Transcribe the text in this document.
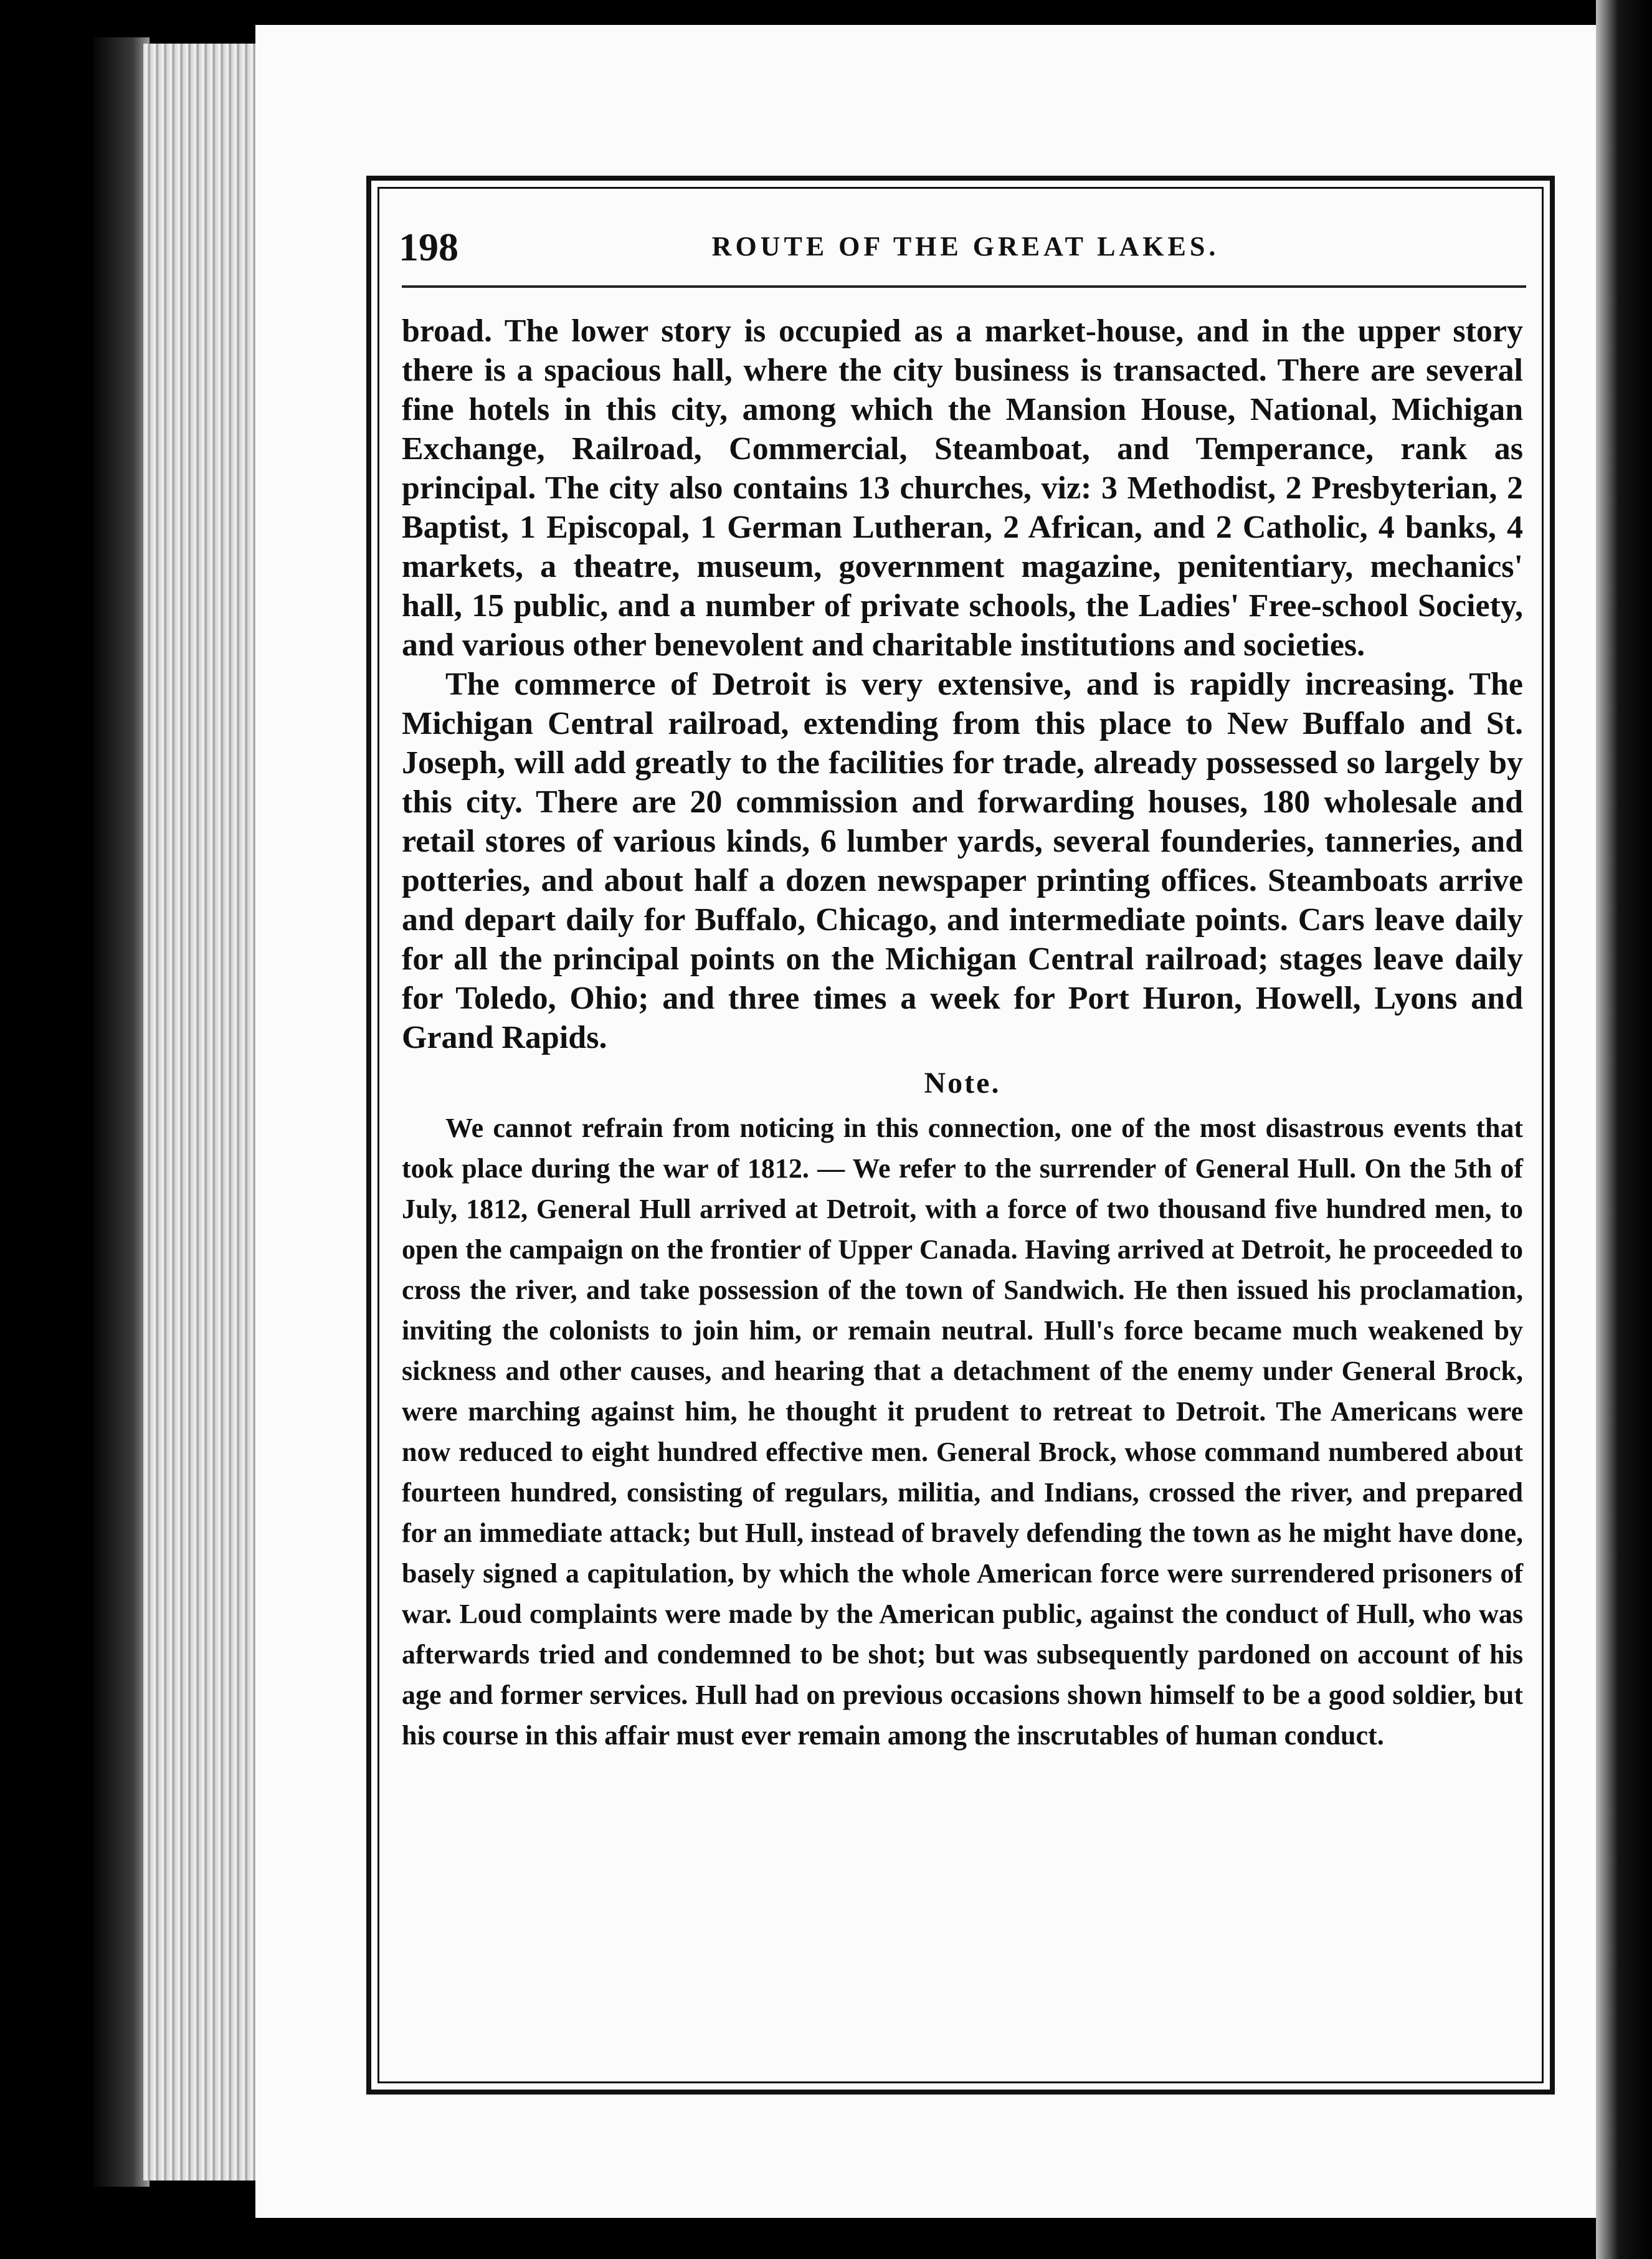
198	ROUTE OF THE GREAT LAKES.

broad. The lower story is occupied as a market-house, and in the upper story there is a spacious hall, where the city business is transacted. There are several fine hotels in this city, among which the Mansion House, National, Michigan Exchange, Railroad, Commercial, Steamboat, and Temperance, rank as principal. The city also contains 13 churches, viz: 3 Methodist, 2 Presbyterian, 2 Baptist, 1 Episcopal, 1 German Lutheran, 2 African, and 2 Catholic, 4 banks, 4 markets, a theatre, museum, government magazine, penitentiary, mechanics' hall, 15 public, and a number of private schools, the Ladies' Free-school Society, and various other benevolent and charitable institutions and societies.

The commerce of Detroit is very extensive, and is rapidly increasing. The Michigan Central railroad, extending from this place to New Buffalo and St. Joseph, will add greatly to the facilities for trade, already possessed so largely by this city. There are 20 commission and forwarding houses, 180 wholesale and retail stores of various kinds, 6 lumber yards, several founderies, tanneries, and potteries, and about half a dozen newspaper printing offices. Steamboats arrive and depart daily for Buffalo, Chicago, and intermediate points. Cars leave daily for all the principal points on the Michigan Central railroad; stages leave daily for Toledo, Ohio; and three times a week for Port Huron, Howell, Lyons and Grand Rapids.

Note.

We cannot refrain from noticing in this connection, one of the most disastrous events that took place during the war of 1812. — We refer to the surrender of General Hull. On the 5th of July, 1812, General Hull arrived at Detroit, with a force of two thousand five hundred men, to open the campaign on the frontier of Upper Canada. Having arrived at Detroit, he proceeded to cross the river, and take possession of the town of Sandwich. He then issued his proclamation, inviting the colonists to join him, or remain neutral. Hull's force became much weakened by sickness and other causes, and hearing that a detachment of the enemy under General Brock, were marching against him, he thought it prudent to retreat to Detroit. The Americans were now reduced to eight hundred effective men. General Brock, whose command numbered about fourteen hundred, consisting of regulars, militia, and Indians, crossed the river, and prepared for an immediate attack; but Hull, instead of bravely defending the town as he might have done, basely signed a capitulation, by which the whole American force were surrendered prisoners of war. Loud complaints were made by the American public, against the conduct of Hull, who was afterwards tried and condemned to be shot; but was subsequently pardoned on account of his age and former services. Hull had on previous occasions shown himself to be a good soldier, but his course in this affair must ever remain among the inscrutables of human conduct.
